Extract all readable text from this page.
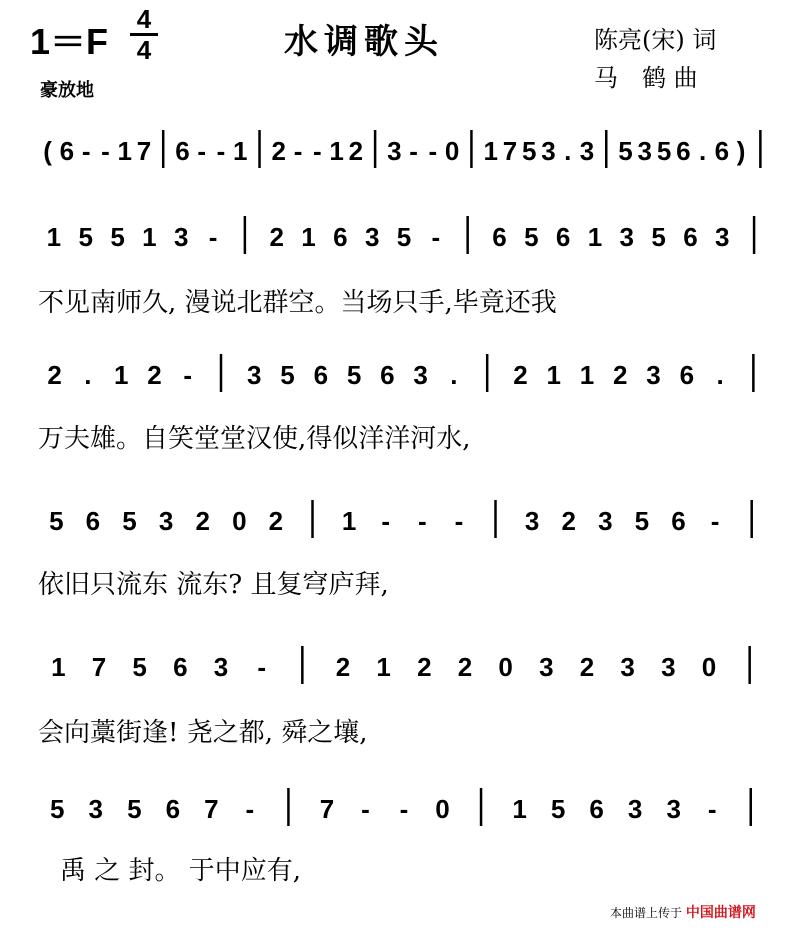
1＝F
4
4	水调歌头	陈亮(宋) 词
马　鹤 曲
豪放地
( 6 - - 1 7 6 - - 1 2 - - 1 2 3 - - 0 1 7 5 3 . 3 5 3 5 6 . 6 )
1 5 5 1 3 - 2 1 6 3 5 - 6 5 6 1 3 5 6 3
2 . 1 2 - 3 5 6 5 6 3 . 2 1 1 2 3 6 .
5 6 5 3 2 0 2 1 - - - 3 2 3 5 6 -
1 7 5 6 3 -	2 1 2 2 0 3 2 3 3 0
5 3 5 6 7 -	7 - - 0 1 5 6 3 3 -
不见南师久, 漫说北群空。当场只手,毕竟还我
万夫雄。自笑堂堂汉使,得似洋洋河水,
依旧只流东 流东? 且复穹庐拜,
会向藁街逢! 尧之都, 舜之壤,
禹 之 封。 于中应有,
本曲谱上传于 中国曲谱网
